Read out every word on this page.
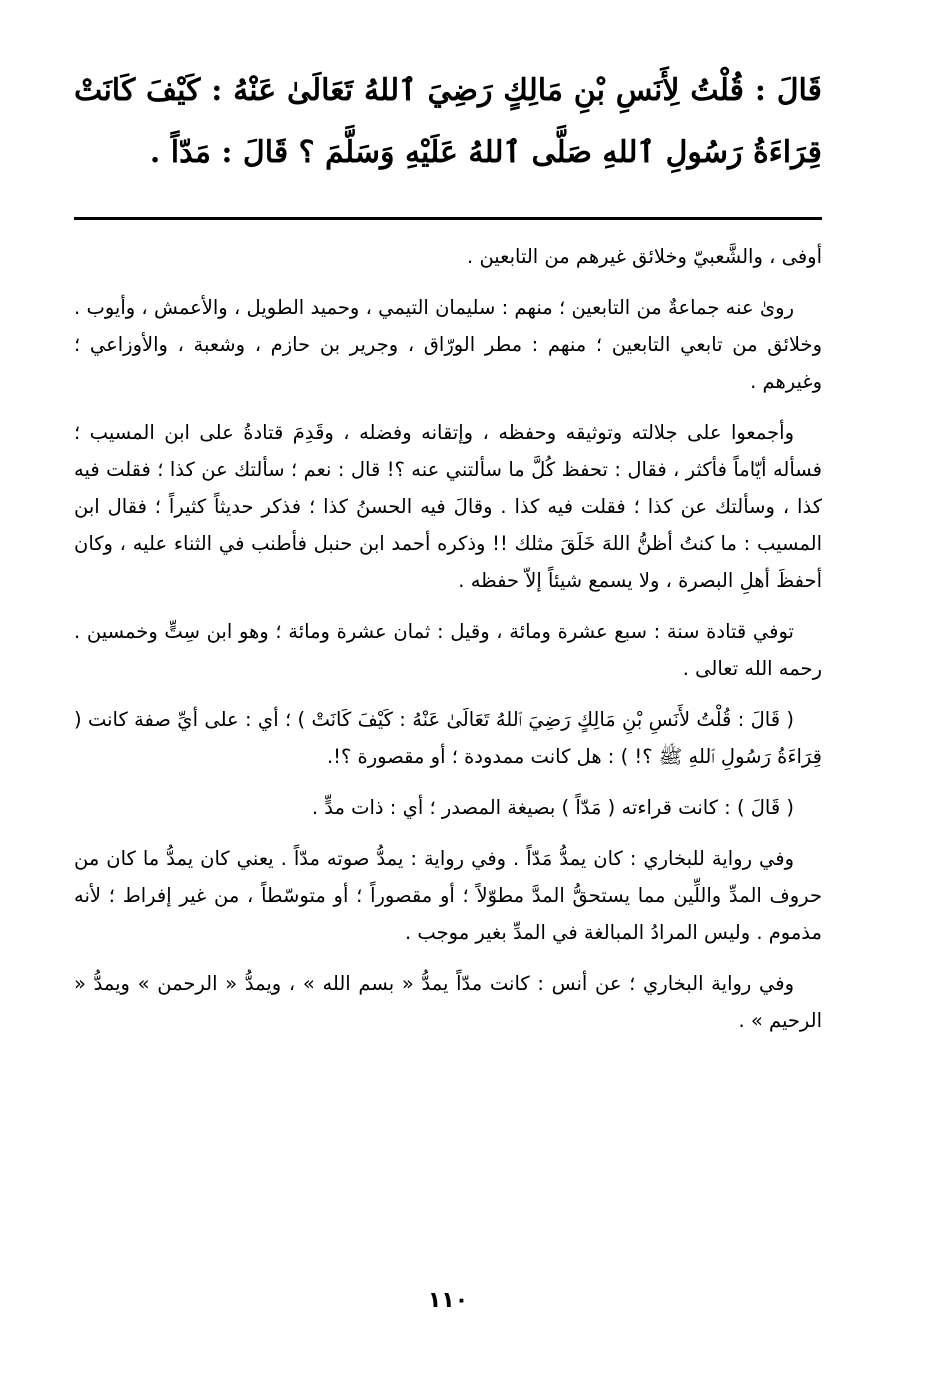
قَالَ : قُلْتُ لِأَنَسِ بْنِ مَالِكٍ رَضِيَ ٱللهُ تَعَالَىٰ عَنْهُ : كَيْفَ كَانَتْ قِرَاءَةُ رَسُولِ ٱللهِ صَلَّى ٱللهُ عَلَيْهِ وَسَلَّمَ ؟ قَالَ : مَدّاً .

أوفى ، والشَّعبيّ وخلائق غيرهم من التابعين .

روىٰ عنه جماعةٌ من التابعين ؛ منهم : سليمان التيمي ، وحميد الطويل ، والأعمش ، وأيوب . وخلائق من تابعي التابعين ؛ منهم : مطر الورّاق ، وجرير بن حازم ، وشعبة ، والأوزاعي ؛ وغيرهم .

وأجمعوا على جلالته وتوثيقه وحفظه ، وإتقانه وفضله ، وقَدِمَ قتادةُ على ابن المسيب ؛ فسأله أيّاماً فأكثر ، فقال : تحفظ كُلَّ ما سألتني عنه ؟! قال : نعم ؛ سألتك عن كذا ؛ فقلت فيه كذا ، وسألتك عن كذا ؛ فقلت فيه كذا . وقالَ فيه الحسنُ كذا ؛ فذكر حديثاً كثيراً ؛ فقال ابن المسيب : ما كنتُ أظنُّ اللهَ خَلَقَ مثلك !! وذكره أحمد ابن حنبل فأطنب في الثناء عليه ، وكان أحفظَ أهلِ البصرة ، ولا يسمع شيئاً إلاّ حفظه .

توفي قتادة سنة : سبع عشرة ومائة ، وقيل : ثمان عشرة ومائة ؛ وهو ابن سِتٍّ وخمسين . رحمه الله تعالى .

( قَالَ : قُلْتُ لأَنَسِ بْنِ مَالِكٍ رَضِيَ ٱللهُ تَعَالَىٰ عَنْهُ : كَيْفَ كَانَتْ ) ؛ أي : على أيِّ صفة كانت ( قِرَاءَةُ رَسُولِ ٱللهِ ﷺ ؟! ) : هل كانت ممدودة ؛ أو مقصورة ؟!.

( قَالَ ) : كانت قراءته ( مَدّاً ) بصيغة المصدر ؛ أي : ذات مدٍّ .

وفي رواية للبخاري : كان يمدُّ مَدّاً . وفي رواية : يمدُّ صوته مدّاً . يعني كان يمدُّ ما كان من حروف المدِّ واللِّين مما يستحقُّ المدَّ مطوّلاً ؛ أو مقصوراً ؛ أو متوسّطاً ، من غير إفراط ؛ لأنه مذموم . وليس المرادُ المبالغة في المدِّ بغير موجب .

وفي رواية البخاري ؛ عن أنس : كانت مدّاً يمدُّ « بسم الله » ، ويمدُّ « الرحمن » ويمدُّ « الرحيم » .

١١٠
